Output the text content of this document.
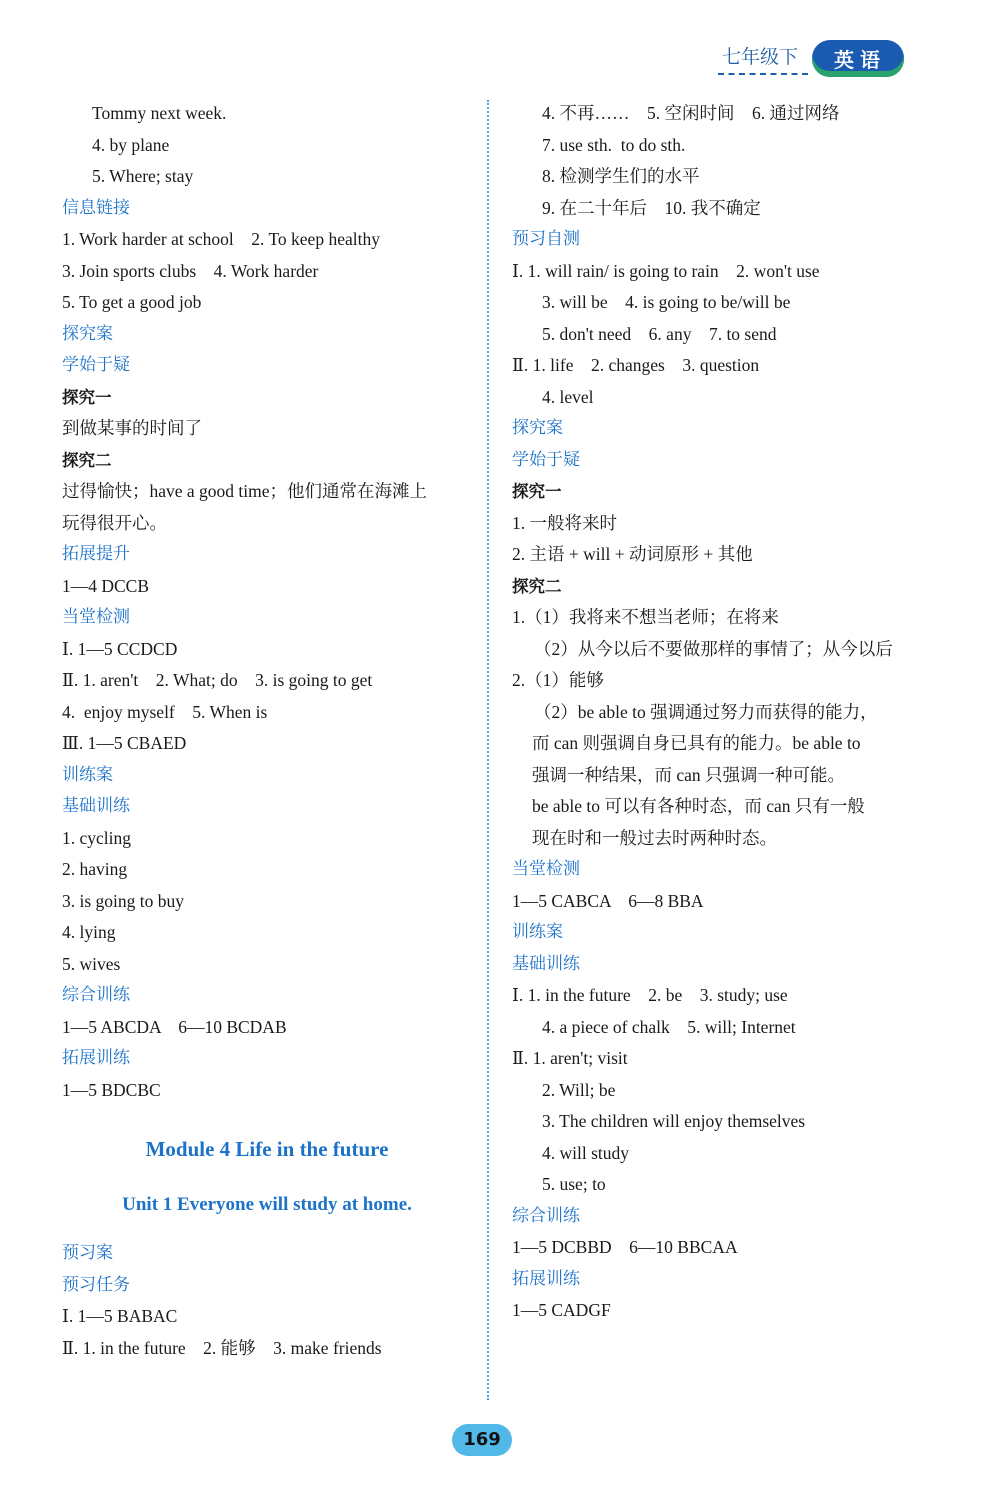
七年级下	英语
Tommy next week.
4. by plane
5. Where; stay
信息链接
1. Work harder at school    2. To keep healthy
3. Join sports clubs    4. Work harder
5. To get a good job
探究案
学始于疑
探究一
到做某事的时间了
探究二
过得愉快；have a good time；他们通常在海滩上
玩得很开心。
拓展提升
1—4 DCCB
当堂检测
Ⅰ. 1—5 CCDCD
Ⅱ. 1. aren't    2. What; do    3. is going to get
4.  enjoy myself    5. When is
Ⅲ. 1—5 CBAED
训练案
基础训练
1. cycling
2. having
3. is going to buy
4. lying
5. wives
综合训练
1—5 ABCDA    6—10 BCDAB
拓展训练
1—5 BDCBC
Module 4 Life in the future
Unit 1 Everyone will study at home.
预习案
预习任务
Ⅰ. 1—5 BABAC
Ⅱ. 1. in the future    2. 能够    3. make friends
4. 不再……    5. 空闲时间    6. 通过网络
7. use sth.  to do sth.
8. 检测学生们的水平
9. 在二十年后    10. 我不确定
预习自测
Ⅰ. 1. will rain/ is going to rain    2. won't use
3. will be    4. is going to be/will be
5. don't need    6. any    7. to send
Ⅱ. 1. life    2. changes    3. question
4. level
探究案
学始于疑
探究一
1. 一般将来时
2. 主语 + will + 动词原形 + 其他
探究二
1.（1）我将来不想当老师；在将来
（2）从今以后不要做那样的事情了；从今以后
2.（1）能够
（2）be able to 强调通过努力而获得的能力，
而 can 则强调自身已具有的能力。be able to
强调一种结果，而 can 只强调一种可能。
be able to 可以有各种时态，而 can 只有一般
现在时和一般过去时两种时态。
当堂检测
1—5 CABCA    6—8 BBA
训练案
基础训练
Ⅰ. 1. in the future    2. be    3. study; use
4. a piece of chalk    5. will; Internet
Ⅱ. 1. aren't; visit
2. Will; be
3. The children will enjoy themselves
4. will study
5. use; to
综合训练
1—5 DCBBD    6—10 BBCAA
拓展训练
1—5 CADGF
169
